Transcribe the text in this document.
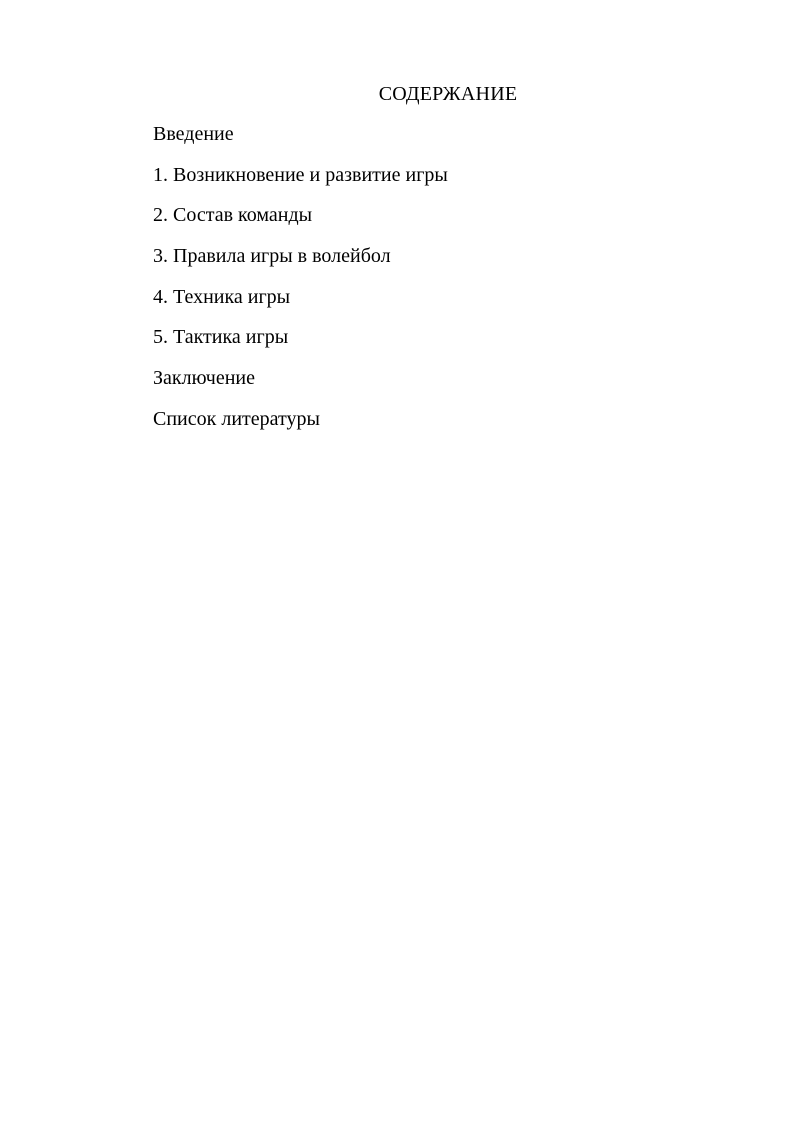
СОДЕРЖАНИЕ
Введение
1. Возникновение и развитие игры
2. Состав команды
3. Правила игры в волейбол
4. Техника игры
5. Тактика игры
Заключение
Список литературы
